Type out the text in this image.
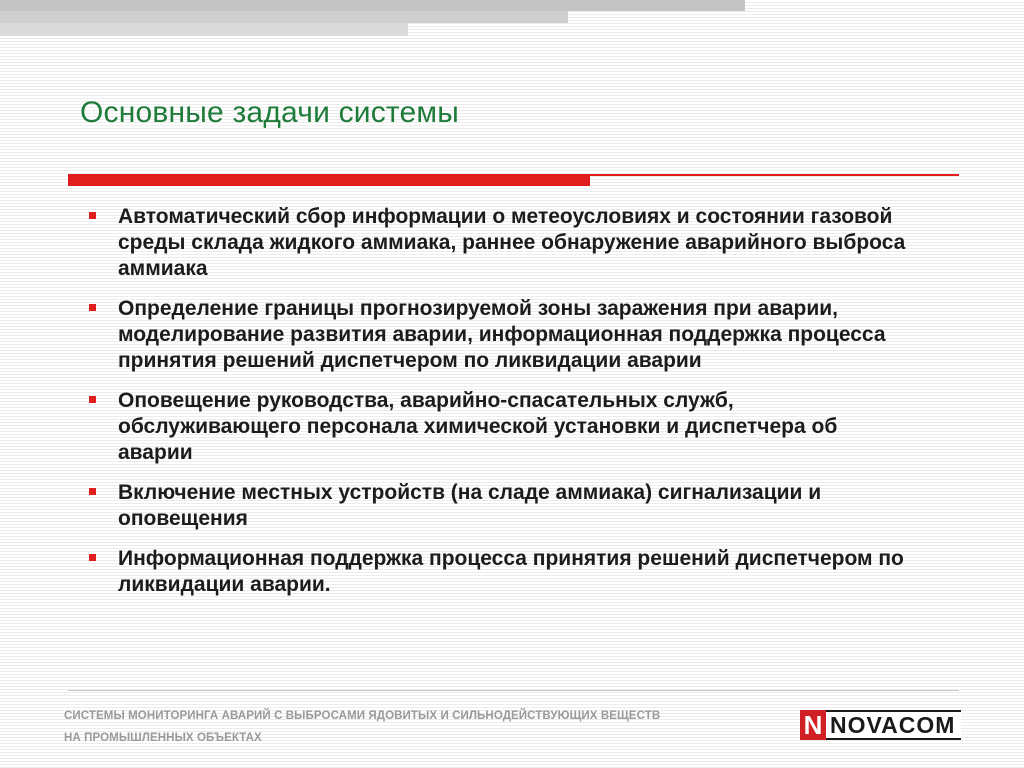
Основные задачи системы
Автоматический сбор информации о метеоусловиях и состоянии газовой среды склада жидкого аммиака, раннее обнаружение аварийного выброса аммиака
Определение границы прогнозируемой зоны заражения при аварии, моделирование развития аварии, информационная поддержка процесса принятия решений диспетчером по ликвидации аварии
Оповещение руководства, аварийно-спасательных служб, обслуживающего персонала химической установки и диспетчера об аварии
Включение местных устройств (на сладе аммиака) сигнализации и оповещения
Информационная поддержка процесса принятия решений диспетчером по ликвидации аварии.
СИСТЕМЫ МОНИТОРИНГА АВАРИЙ С ВЫБРОСАМИ ЯДОВИТЫХ И СИЛЬНОДЕЙСТВУЮЩИХ ВЕЩЕСТВ
НА ПРОМЫШЛЕННЫХ ОБЪЕКТАХ	N NOVACOM
